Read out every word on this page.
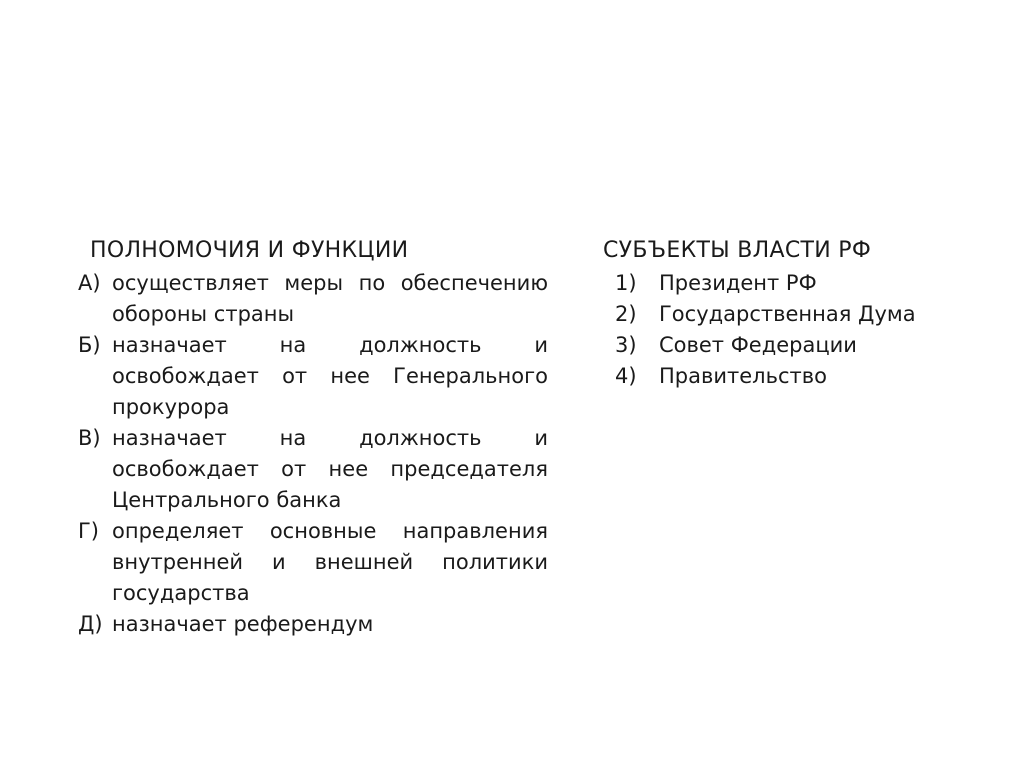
ПОЛНОМОЧИЯ И ФУНКЦИИ
А) осуществляет меры по обеспечению обороны страны
Б) назначает на должность и освобождает от нее Генерального прокурора
В) назначает на должность и освобождает от нее председателя Центрального банка
Г) определяет основные направления внутренней и внешней политики государства
Д) назначает референдум
СУБЪЕКТЫ ВЛАСТИ РФ
1)	Президент РФ
2)	Государственная Дума
3)	Совет Федерации
4)	Правительство
